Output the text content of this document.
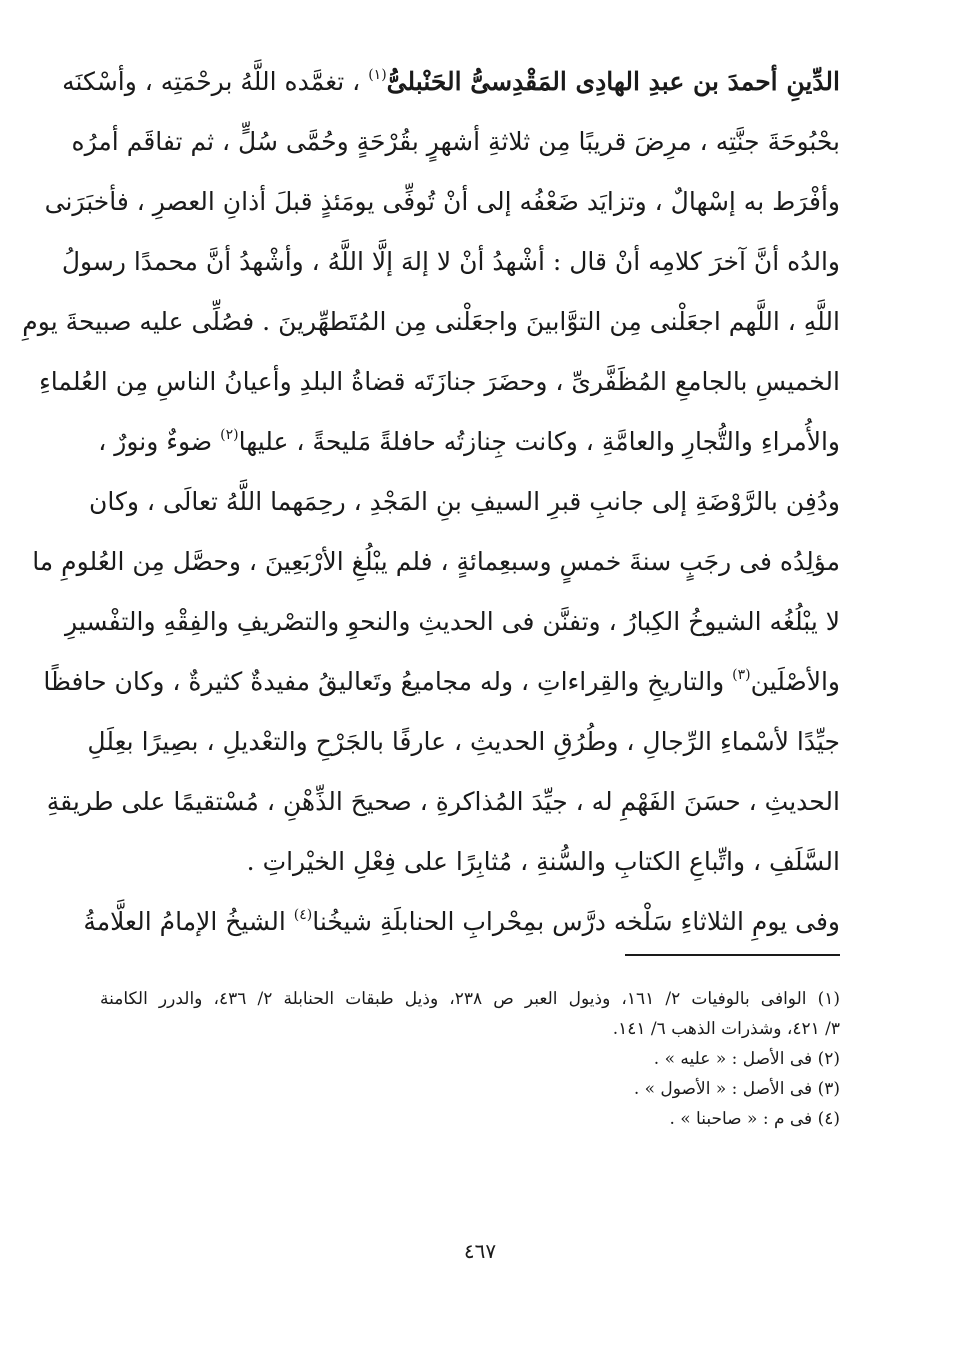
الدِّينِ أحمدَ بن عبدِ الهادِى المَقْدِسىُّ الحَنْبلىُّ$^{(١)}$ ، تغمَّده اللَّهُ برحْمَتِه ، وأسْكنَه
بحْبُوحَةَ جنَّتِه ، مرِضَ قريبًا مِن ثلاثةِ أشهرٍ بقُرْحَةٍ وحُمَّى سُلٍّ ، ثم تفاقَم أمرُه
وأفْرَط به إسْهالٌ ، وتزايَد ضَعْفُه إلى أنْ تُوفِّى يومَئذٍ قبلَ أذانِ العصرِ ، فأخبَرَنى
والدُه أنَّ آخرَ كلامِه أنْ قال : أشْهدُ أنْ لا إلهَ إلَّا اللَّهُ ، وأشْهدُ أنَّ محمدًا رسولُ
اللَّهِ ، اللَّهم اجعَلْنى مِن التوَّابينَ واجعَلْنى مِن المُتَطهِّرينَ . فصُلِّى عليه صبيحةَ يومِ
الخميسِ بالجامعِ المُظَفَّرىِّ ، وحضَرَ جنازَتَه قضاةُ البلدِ وأعيانُ الناسِ مِن العُلماءِ
والأُمراءِ والتُّجارِ والعامَّةِ ، وكانت جِنازتُه حافلةً مَليحةً ، عليها$^{(٢)}$ ضوءٌ ونورٌ ،
ودُفِن بالرَّوْضَةِ إلى جانبِ قبرِ السيفِ بنِ المَجْدِ ، رحِمَهما اللَّهُ تعالَى ، وكان
مؤلِدُه فى رجَبٍ سنةَ خمسٍ وسبعِمائةٍ ، فلم يبْلُغِ الأرْبَعِينَ ، وحصَّل مِن العُلومِ ما
لا يبْلُغُه الشيوخُ الكِبارُ ، وتفنَّن فى الحديثِ والنحوِ والتصْريفِ والفِقْهِ والتفْسيرِ
والأصْلَين$^{(٣)}$ والتاريخِ والقِراءاتِ ، وله مجاميعُ وتَعاليقُ مفيدةٌ كثيرةٌ ، وكان حافظًا
جيِّدًا لأسْماءِ الرِّجالِ ، وطُرُقِ الحديثِ ، عارفًا بالجَرْحِ والتعْديلِ ، بصِيرًا بعِلَلِ
الحديثِ ، حسَنَ الفَهْمِ له ، جيِّدَ المُذاكرةِ ، صحيحَ الذِّهْنِ ، مُسْتقيمًا على طريقةِ
السَّلَفِ ، واتِّباعِ الكتابِ والسُّنةِ ، مُثابِرًا على فِعْلِ الخيْراتِ .
وفى يومِ الثلاثاءِ سَلْخه درَّس بمِحْرابِ الحنابلَةِ شيخُنا$^{(٤)}$ الشيخُ الإمامُ العلَّامةُ
(١) الوافى بالوفيات ٢/ ١٦١، وذيول العبر ص ٢٣٨، وذيل طبقات الحنابلة ٢/ ٤٣٦، والدرر الكامنة
٣/ ٤٢١، وشذرات الذهب ٦/ ١٤١.
(٢) فى الأصل : « عليه » .
(٣) فى الأصل : « الأصول » .
(٤) فى م : « صاحبنا » .
٤٦٧
